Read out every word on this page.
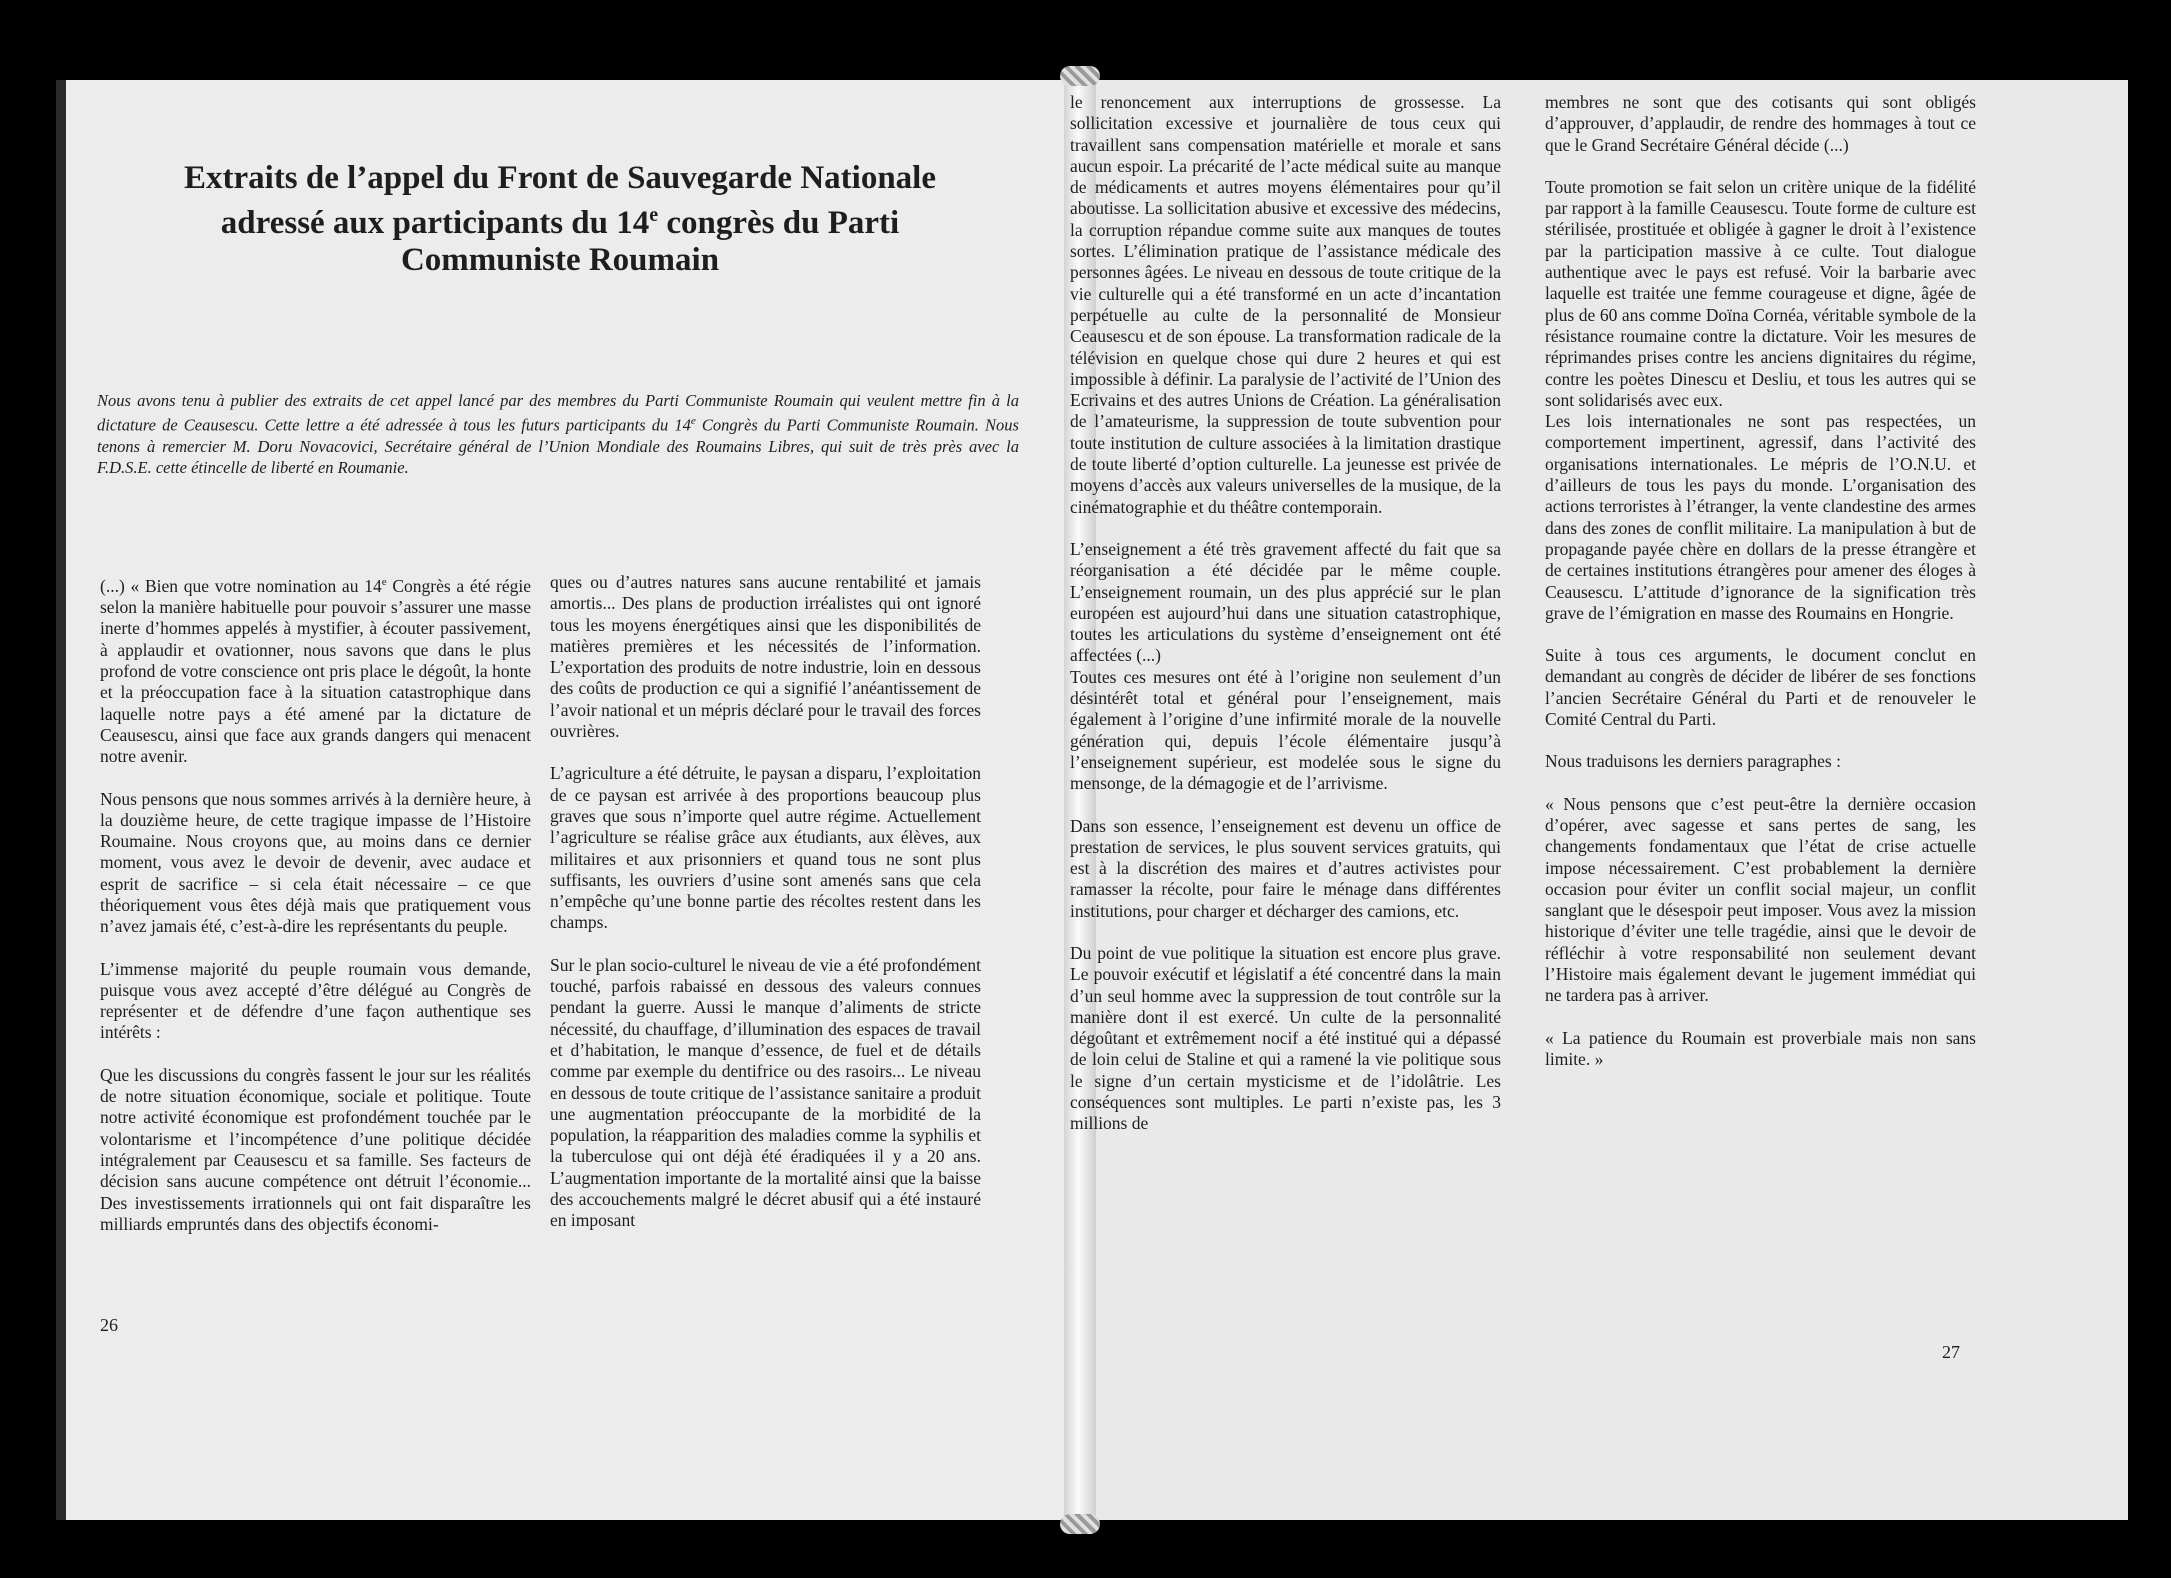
Extraits de l’appel du Front de Sauvegarde Nationale
adressé aux participants du 14e congrès du Parti
Communiste Roumain
Nous avons tenu à publier des extraits de cet appel lancé par des membres du Parti Communiste Roumain qui veulent mettre fin à la dictature de Ceausescu. Cette lettre a été adressée à tous les futurs participants du 14e Congrès du Parti Communiste Roumain. Nous tenons à remercier M. Doru Novacovici, Secrétaire général de l’Union Mondiale des Roumains Libres, qui suit de très près avec la F.D.S.E. cette étincelle de liberté en Roumanie.

(...) « Bien que votre nomination au 14e Congrès a été régie selon la manière habituelle pour pouvoir s’assurer une masse inerte d’hommes appelés à mystifier, à écouter passivement, à applaudir et ovationner, nous savons que dans le plus profond de votre conscience ont pris place le dégoût, la honte et la préoccupation face à la situation catastrophique dans laquelle notre pays a été amené par la dictature de Ceausescu, ainsi que face aux grands dangers qui menacent notre avenir.

Nous pensons que nous sommes arrivés à la dernière heure, à la douzième heure, de cette tragique impasse de l’Histoire Roumaine. Nous croyons que, au moins dans ce dernier moment, vous avez le devoir de devenir, avec audace et esprit de sacrifice – si cela était nécessaire – ce que théoriquement vous êtes déjà mais que pratiquement vous n’avez jamais été, c’est-à-dire les représentants du peuple.

L’immense majorité du peuple roumain vous demande, puisque vous avez accepté d’être délégué au Congrès de représenter et de défendre d’une façon authentique ses intérêts :

Que les discussions du congrès fassent le jour sur les réalités de notre situation économique, sociale et politique. Toute notre activité économique est profondément touchée par le volontarisme et l’incompétence d’une politique décidée intégralement par Ceausescu et sa famille. Ses facteurs de décision sans aucune compétence ont détruit l’économie... Des investissements irrationnels qui ont fait disparaître les milliards empruntés dans des objectifs économi-

ques ou d’autres natures sans aucune rentabilité et jamais amortis... Des plans de production irréalistes qui ont ignoré tous les moyens énergétiques ainsi que les disponibilités de matières premières et les nécessités de l’information. L’exportation des produits de notre industrie, loin en dessous des coûts de production ce qui a signifié l’anéantissement de l’avoir national et un mépris déclaré pour le travail des forces ouvrières.

L’agriculture a été détruite, le paysan a disparu, l’exploitation de ce paysan est arrivée à des proportions beaucoup plus graves que sous n’importe quel autre régime. Actuellement l’agriculture se réalise grâce aux étudiants, aux élèves, aux militaires et aux prisonniers et quand tous ne sont plus suffisants, les ouvriers d’usine sont amenés sans que cela n’empêche qu’une bonne partie des récoltes restent dans les champs.

Sur le plan socio-culturel le niveau de vie a été profondément touché, parfois rabaissé en dessous des valeurs connues pendant la guerre. Aussi le manque d’aliments de stricte nécessité, du chauffage, d’illumination des espaces de travail et d’habitation, le manque d’essence, de fuel et de détails comme par exemple du dentifrice ou des rasoirs... Le niveau en dessous de toute critique de l’assistance sanitaire a produit une augmentation préoccupante de la morbidité de la population, la réapparition des maladies comme la syphilis et la tuberculose qui ont déjà été éradiquées il y a 20 ans. L’augmentation importante de la mortalité ainsi que la baisse des accouchements malgré le décret abusif qui a été instauré en imposant

le renoncement aux interruptions de grossesse. La sollicitation excessive et journalière de tous ceux qui travaillent sans compensation matérielle et morale et sans aucun espoir. La précarité de l’acte médical suite au manque de médicaments et autres moyens élémentaires pour qu’il aboutisse. La sollicitation abusive et excessive des médecins, la corruption répandue comme suite aux manques de toutes sortes. L’élimination pratique de l’assistance médicale des personnes âgées. Le niveau en dessous de toute critique de la vie culturelle qui a été transformé en un acte d’incantation perpétuelle au culte de la personnalité de Monsieur Ceausescu et de son épouse. La transformation radicale de la télévision en quelque chose qui dure 2 heures et qui est impossible à définir. La paralysie de l’activité de l’Union des Ecrivains et des autres Unions de Création. La généralisation de l’amateurisme, la suppression de toute subvention pour toute institution de culture associées à la limitation drastique de toute liberté d’option culturelle. La jeunesse est privée de moyens d’accès aux valeurs universelles de la musique, de la cinématographie et du théâtre contemporain.

L’enseignement a été très gravement affecté du fait que sa réorganisation a été décidée par le même couple. L’enseignement roumain, un des plus apprécié sur le plan européen est aujourd’hui dans une situation catastrophique, toutes les articulations du système d’enseignement ont été affectées (...)

Toutes ces mesures ont été à l’origine non seulement d’un désintérêt total et général pour l’enseignement, mais également à l’origine d’une infirmité morale de la nouvelle génération qui, depuis l’école élémentaire jusqu’à l’enseignement supérieur, est modelée sous le signe du mensonge, de la démagogie et de l’arrivisme.

Dans son essence, l’enseignement est devenu un office de prestation de services, le plus souvent services gratuits, qui est à la discrétion des maires et d’autres activistes pour ramasser la récolte, pour faire le ménage dans différentes institutions, pour charger et décharger des camions, etc.

Du point de vue politique la situation est encore plus grave. Le pouvoir exécutif et législatif a été concentré dans la main d’un seul homme avec la suppression de tout contrôle sur la manière dont il est exercé. Un culte de la personnalité dégoûtant et extrêmement nocif a été institué qui a dépassé de loin celui de Staline et qui a ramené la vie politique sous le signe d’un certain mysticisme et de l’idolâtrie. Les conséquences sont multiples. Le parti n’existe pas, les 3 millions de

membres ne sont que des cotisants qui sont obligés d’approuver, d’applaudir, de rendre des hommages à tout ce que le Grand Secrétaire Général décide (...)

Toute promotion se fait selon un critère unique de la fidélité par rapport à la famille Ceausescu. Toute forme de culture est stérilisée, prostituée et obligée à gagner le droit à l’existence par la participation massive à ce culte. Tout dialogue authentique avec le pays est refusé. Voir la barbarie avec laquelle est traitée une femme courageuse et digne, âgée de plus de 60 ans comme Doïna Cornéa, véritable symbole de la résistance roumaine contre la dictature. Voir les mesures de réprimandes prises contre les anciens dignitaires du régime, contre les poètes Dinescu et Desliu, et tous les autres qui se sont solidarisés avec eux.

Les lois internationales ne sont pas respectées, un comportement impertinent, agressif, dans l’activité des organisations internationales. Le mépris de l’O.N.U. et d’ailleurs de tous les pays du monde. L’organisation des actions terroristes à l’étranger, la vente clandestine des armes dans des zones de conflit militaire. La manipulation à but de propagande payée chère en dollars de la presse étrangère et de certaines institutions étrangères pour amener des éloges à Ceausescu. L’attitude d’ignorance de la signification très grave de l’émigration en masse des Roumains en Hongrie.

Suite à tous ces arguments, le document conclut en demandant au congrès de décider de libérer de ses fonctions l’ancien Secrétaire Général du Parti et de renouveler le Comité Central du Parti.

Nous traduisons les derniers paragraphes :

« Nous pensons que c’est peut-être la dernière occasion d’opérer, avec sagesse et sans pertes de sang, les changements fondamentaux que l’état de crise actuelle impose nécessairement. C’est probablement la dernière occasion pour éviter un conflit social majeur, un conflit sanglant que le désespoir peut imposer. Vous avez la mission historique d’éviter une telle tragédie, ainsi que le devoir de réfléchir à votre responsabilité non seulement devant l’Histoire mais également devant le jugement immédiat qui ne tardera pas à arriver.

« La patience du Roumain est proverbiale mais non sans limite. »

26
27
